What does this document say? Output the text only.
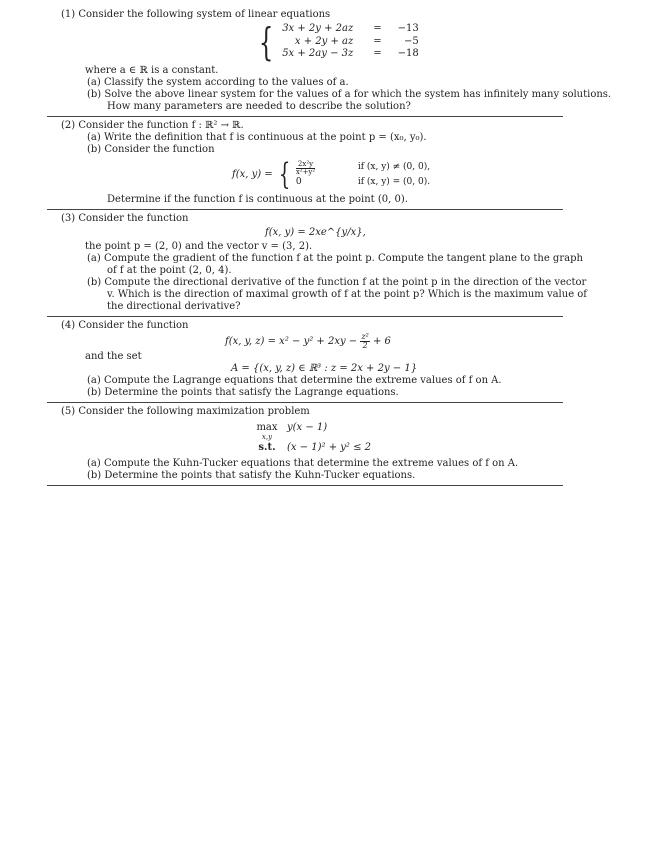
(1) Consider the following system of linear equations
{ 3x + 2y + 2az	=	−13
x + 2y + az	=	−5
5x + 2ay − 3z	=	−18
where a ∈ ℝ is a constant.
(a) Classify the system according to the values of a.
(b) Solve the above linear system for the values of a for which the system has infinitely many solutions.
How many parameters are needed to describe the solution?
(2) Consider the function f : ℝ² → ℝ.
(a) Write the definition that f is continuous at the point p = (x₀, y₀).
(b) Consider the function
f(x, y) = { $\frac{\text{2x²y}}{\text{x²+y²}}$	if (x, y) ≠ (0, 0),
0	if (x, y) = (0, 0).
Determine if the function f is continuous at the point (0, 0).
(3) Consider the function
f(x, y) = 2xe^{y/x},
the point p = (2, 0) and the vector v = (3, 2).
(a) Compute the gradient of the function f at the point p. Compute the tangent plane to the graph
of f at the point (2, 0, 4).
(b) Compute the directional derivative of the function f at the point p in the direction of the vector
v. Which is the direction of maximal growth of f at the point p? Which is the maximum value of
the directional derivative?
(4) Consider the function
f(x, y, $z) = x^2 - y^2 + 2xy - \frac{\text{z²}}{2} + 6$
and the set
A = {(x, y, z) ∈ ℝ³ : z = 2x + 2y − 1}
(a) Compute the Lagrange equations that determine the extreme values of f on A.
(b) Determine the points that satisfy the Lagrange equations.
(5) Consider the following maximization problem
max

x,y
y(x − 1)
s.t.	(x − 1)² + y² ≤ 2
(a) Compute the Kuhn-Tucker equations that determine the extreme values of f on A.
(b) Determine the points that satisfy the Kuhn-Tucker equations.
